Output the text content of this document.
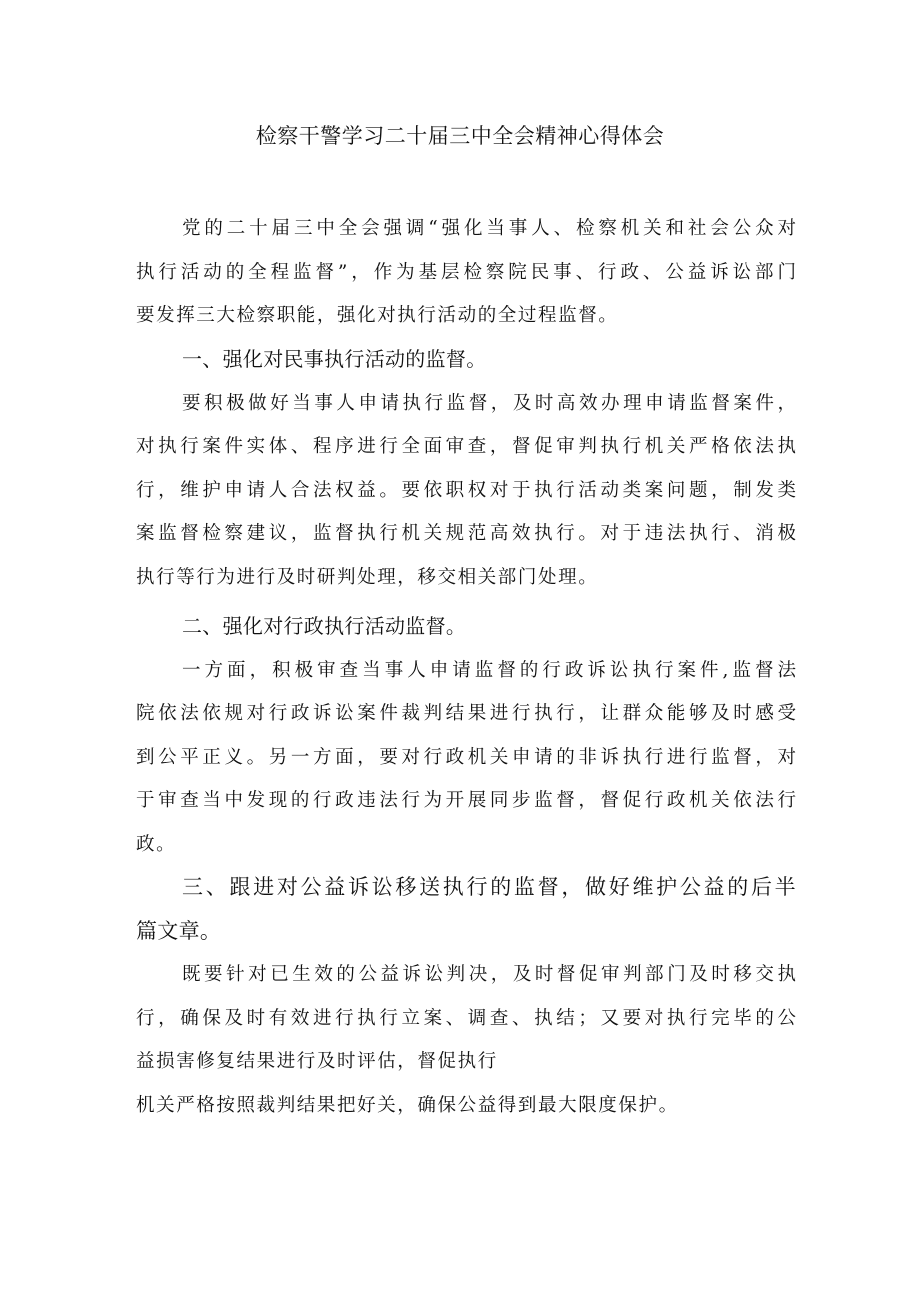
检察干警学习二十届三中全会精神心得体会
党的二十届三中全会强调“强化当事人、检察机关和社会公众对
执行活动的全程监督”，作为基层检察院民事、行政、公益诉讼部门
要发挥三大检察职能，强化对执行活动的全过程监督。
一、强化对民事执行活动的监督。
要积极做好当事人申请执行监督，及时高效办理申请监督案件，
对执行案件实体、程序进行全面审查，督促审判执行机关严格依法执
行，维护申请人合法权益。要依职权对于执行活动类案问题，制发类
案监督检察建议，监督执行机关规范高效执行。对于违法执行、消极
执行等行为进行及时研判处理，移交相关部门处理。
二、强化对行政执行活动监督。
一方面，积极审查当事人申请监督的行政诉讼执行案件,监督法
院依法依规对行政诉讼案件裁判结果进行执行，让群众能够及时感受
到公平正义。另一方面，要对行政机关申请的非诉执行进行监督，对
于审查当中发现的行政违法行为开展同步监督，督促行政机关依法行
政。
三、跟进对公益诉讼移送执行的监督，做好维护公益的后半
篇文章。
既要针对已生效的公益诉讼判决，及时督促审判部门及时移交执
行，确保及时有效进行执行立案、调查、执结；又要对执行完毕的公
益损害修复结果进行及时评估，督促执行
机关严格按照裁判结果把好关，确保公益得到最大限度保护。
